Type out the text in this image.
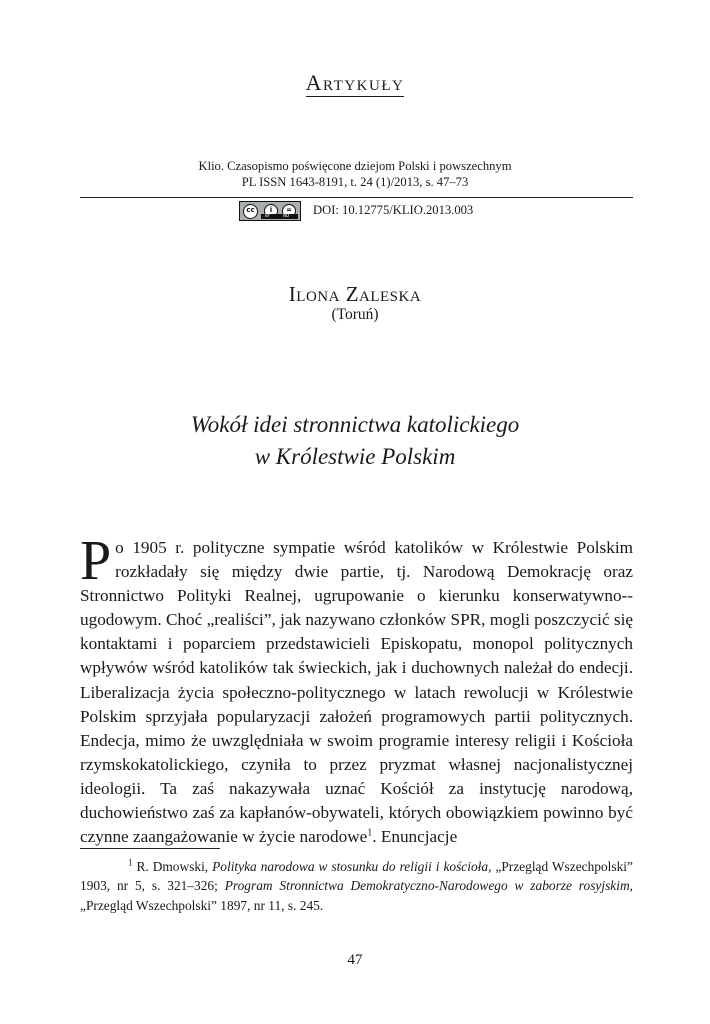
Artykuły
Klio. Czasopismo poświęcone dziejom Polski i powszechnym
PL ISSN 1643-8191, t. 24 (1)/2013, s. 47–73
cc	i	=
BY	ND DOI: 10.12775/KLIO.2013.003
Ilona Zaleska
(Toruń)
Wokół idei stronnictwa katolickiego
w Królestwie Polskim
Po 1905 r. polityczne sympatie wśród katolików w Królestwie Polskim rozkładały się między dwie partie, tj. Narodową Demokrację oraz Stronnictwo Polityki Realnej, ugrupowanie o kierunku konserwatywno--ugodowym. Choć „realiści”, jak nazywano członków SPR, mogli poszczycić się kontaktami i poparciem przedstawicieli Episkopatu, monopol politycznych wpływów wśród katolików tak świeckich, jak i duchownych należał do endecji. Liberalizacja życia społeczno-politycznego w latach rewolucji w Królestwie Polskim sprzyjała popularyzacji założeń programowych partii politycznych. Endecja, mimo że uwzględniała w swoim programie interesy religii i Kościoła rzymskokatolickiego, czyniła to przez pryzmat własnej nacjonalistycznej ideologii. Ta zaś nakazywała uznać Kościół za instytucję narodową, duchowieństwo zaś za kapłanów-obywateli, których obowiązkiem powinno być czynne zaangażowanie w życie narodowe$^1$. Enuncjacje
$^1$ R. Dmowski, Polityka narodowa w stosunku do religii i kościoła, „Przegląd Wszechpolski” 1903, nr 5, s. 321–326; Program Stronnictwa Demokratyczno-Narodowego w zaborze rosyjskim, „Przegląd Wszechpolski” 1897, nr 11, s. 245.
47
